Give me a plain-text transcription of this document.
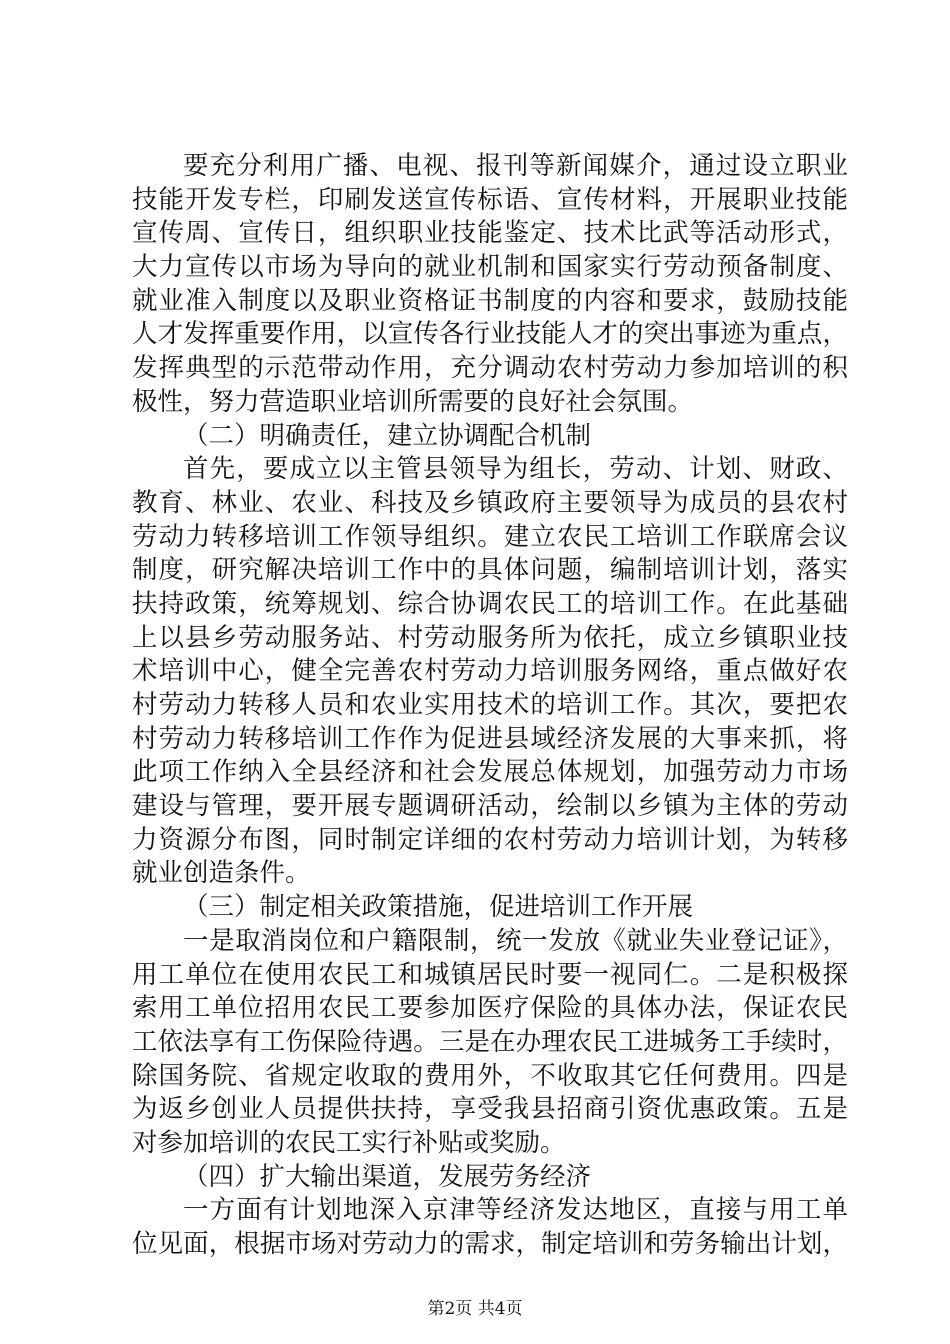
要充分利用广播、电视、报刊等新闻媒介，通过设立职业
技能开发专栏，印刷发送宣传标语、宣传材料，开展职业技能
宣传周、宣传日，组织职业技能鉴定、技术比武等活动形式，
大力宣传以市场为导向的就业机制和国家实行劳动预备制度、
就业准入制度以及职业资格证书制度的内容和要求，鼓励技能
人才发挥重要作用，以宣传各行业技能人才的突出事迹为重点，
发挥典型的示范带动作用，充分调动农村劳动力参加培训的积
极性，努力营造职业培训所需要的良好社会氛围。
（二）明确责任，建立协调配合机制
首先，要成立以主管县领导为组长，劳动、计划、财政、
教育、林业、农业、科技及乡镇政府主要领导为成员的县农村
劳动力转移培训工作领导组织。建立农民工培训工作联席会议
制度，研究解决培训工作中的具体问题，编制培训计划，落实
扶持政策，统筹规划、综合协调农民工的培训工作。在此基础
上以县乡劳动服务站、村劳动服务所为依托，成立乡镇职业技
术培训中心，健全完善农村劳动力培训服务网络，重点做好农
村劳动力转移人员和农业实用技术的培训工作。其次，要把农
村劳动力转移培训工作作为促进县域经济发展的大事来抓，将
此项工作纳入全县经济和社会发展总体规划，加强劳动力市场
建设与管理，要开展专题调研活动，绘制以乡镇为主体的劳动
力资源分布图，同时制定详细的农村劳动力培训计划，为转移
就业创造条件。
（三）制定相关政策措施，促进培训工作开展
一是取消岗位和户籍限制，统一发放《就业失业登记证》，
用工单位在使用农民工和城镇居民时要一视同仁。二是积极探
索用工单位招用农民工要参加医疗保险的具体办法，保证农民
工依法享有工伤保险待遇。三是在办理农民工进城务工手续时，
除国务院、省规定收取的费用外，不收取其它任何费用。四是
为返乡创业人员提供扶持，享受我县招商引资优惠政策。五是
对参加培训的农民工实行补贴或奖励。
（四）扩大输出渠道，发展劳务经济
一方面有计划地深入京津等经济发达地区，直接与用工单
位见面，根据市场对劳动力的需求，制定培训和劳务输出计划，
第2页 共4页
